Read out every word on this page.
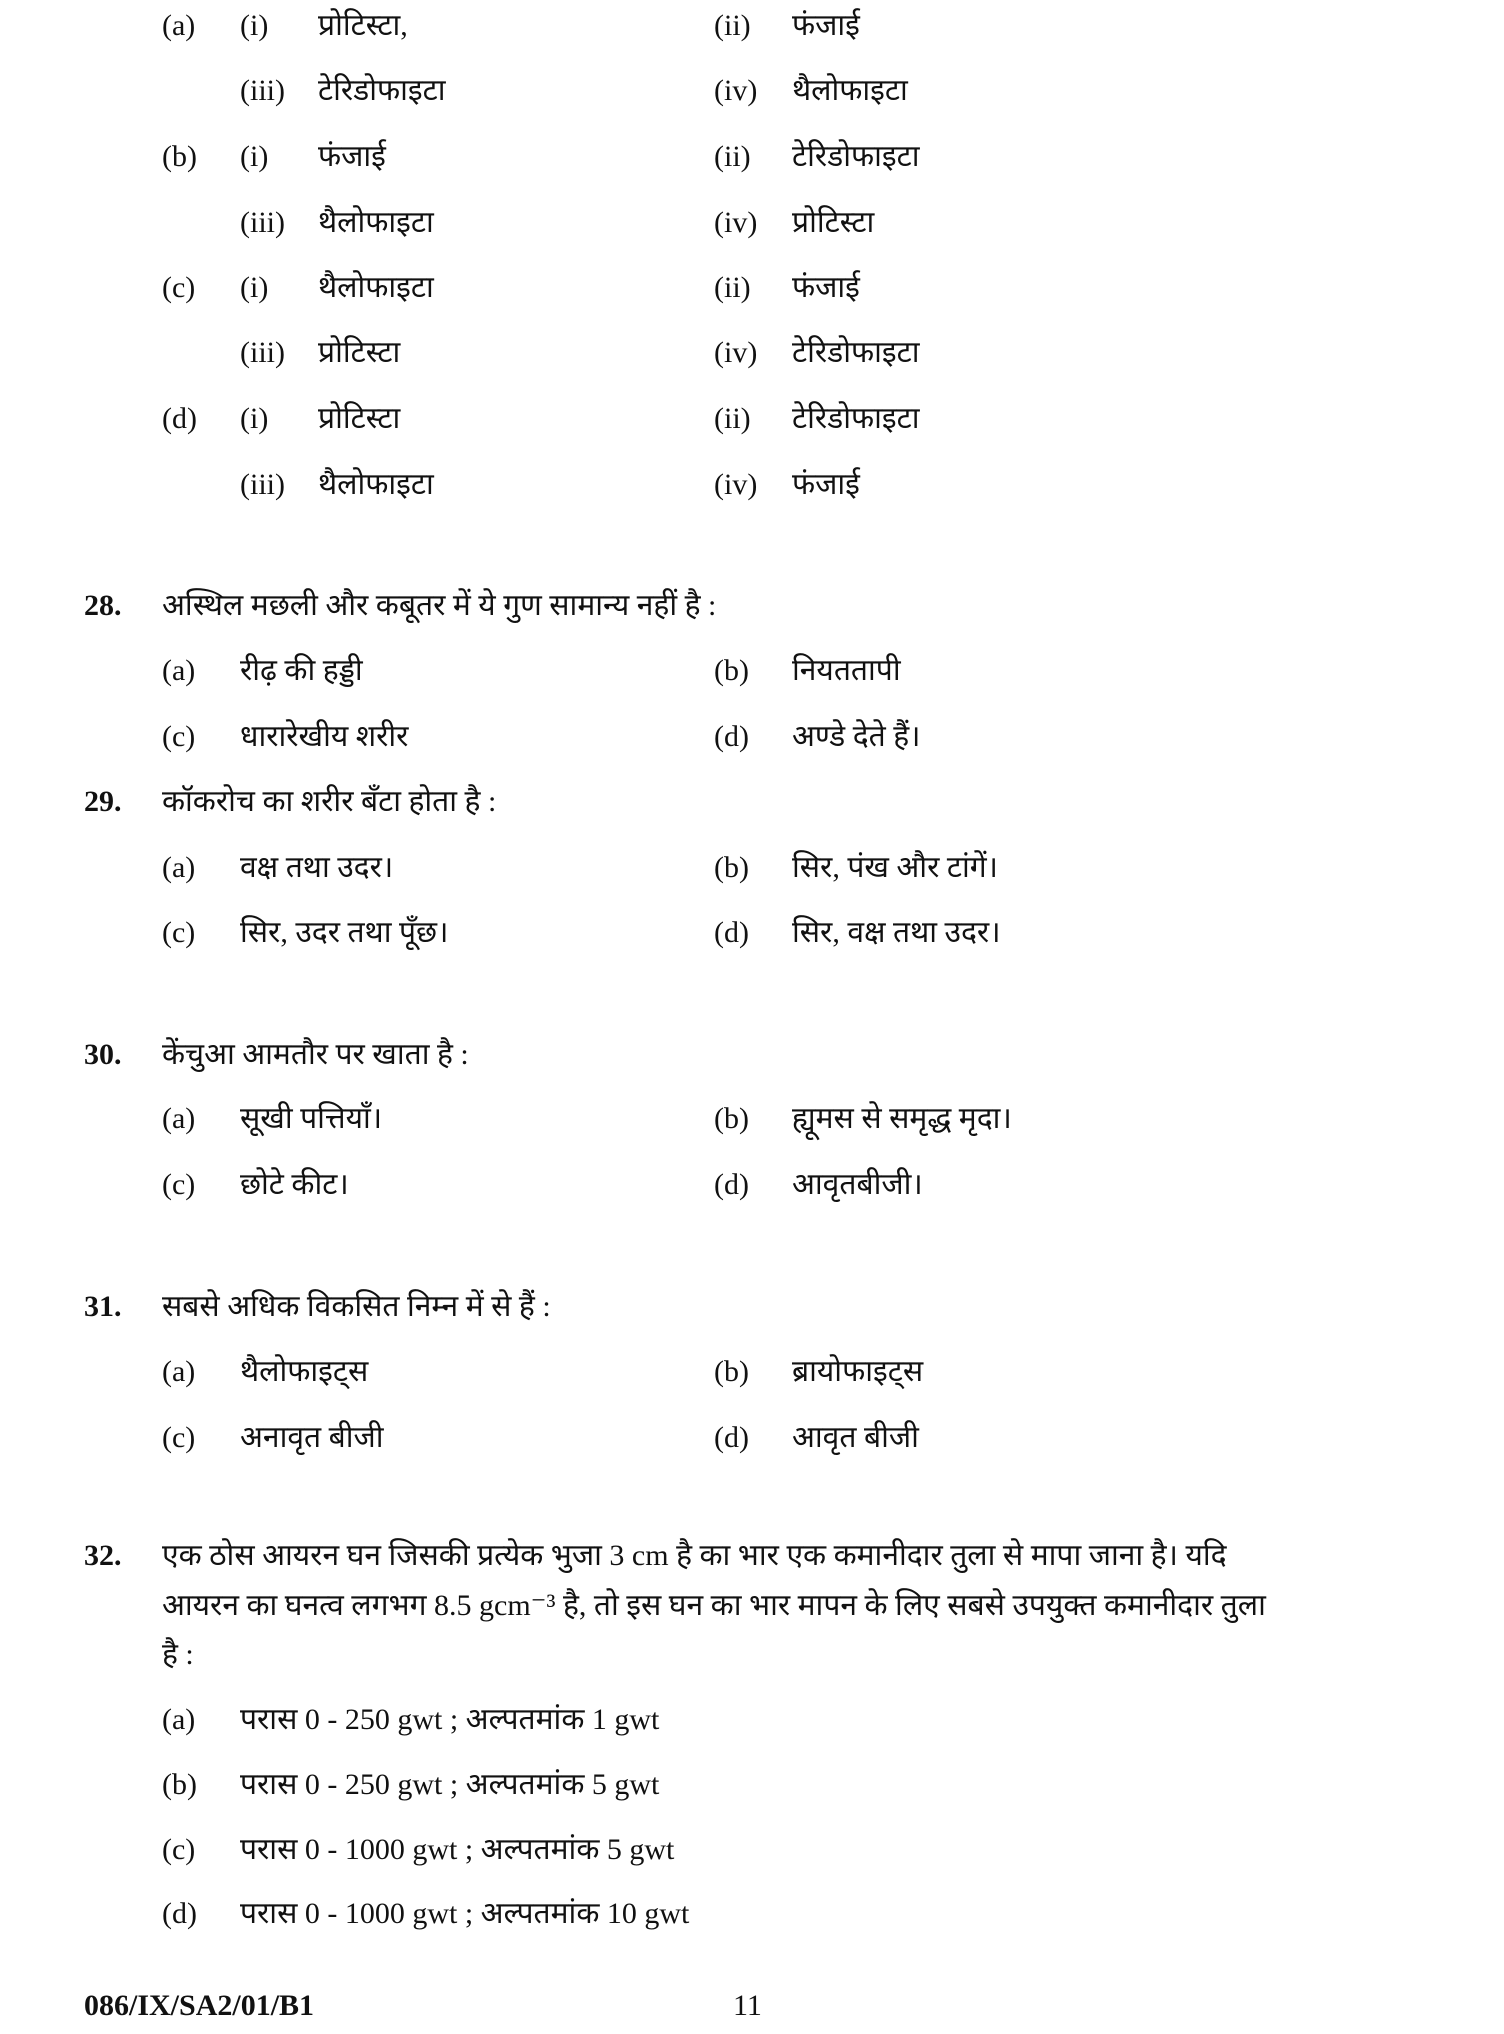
(a) (i) प्रोटिस्टा,	(ii) फंजाई
(iii) टेरिडोफाइटा	(iv) थैलोफाइटा
(b) (i) फंजाई	(ii) टेरिडोफाइटा
(iii) थैलोफाइटा	(iv) प्रोटिस्टा
(c) (i) थैलोफाइटा	(ii) फंजाई
(iii) प्रोटिस्टा	(iv) टेरिडोफाइटा
(d) (i) प्रोटिस्टा	(ii) टेरिडोफाइटा
(iii) थैलोफाइटा	(iv) फंजाई
28. अस्थिल मछली और कबूतर में ये गुण सामान्य नहीं है :
(a) रीढ़ की हड्डी	(b) नियततापी
(c) धारारेखीय शरीर	(d) अण्डे देते हैं।
29. कॉकरोच का शरीर बँटा होता है :
(a) वक्ष तथा उदर।	(b) सिर, पंख और टांगें।
(c) सिर, उदर तथा पूँछ।	(d) सिर, वक्ष तथा उदर।
30. केंचुआ आमतौर पर खाता है :
(a) सूखी पत्तियाँ।	(b) ह्यूमस से समृद्ध मृदा।
(c) छोटे कीट।	(d) आवृतबीजी।
31. सबसे अधिक विकसित निम्न में से हैं :
(a) थैलोफाइट्स	(b) ब्रायोफाइट्स
(c) अनावृत बीजी	(d) आवृत बीजी
32. एक ठोस आयरन घन जिसकी प्रत्येक भुजा 3 cm है का भार एक कमानीदार तुला से मापा जाना है। यदि
आयरन का घनत्व लगभग 8.5 gcm⁻³ है, तो इस घन का भार मापन के लिए सबसे उपयुक्त कमानीदार तुला
है :
(a) परास 0 - 250 gwt ; अल्पतमांक 1 gwt
(b) परास 0 - 250 gwt ; अल्पतमांक 5 gwt
(c) परास 0 - 1000 gwt ; अल्पतमांक 5 gwt
(d) परास 0 - 1000 gwt ; अल्पतमांक 10 gwt
086/IX/SA2/01/B1	11
